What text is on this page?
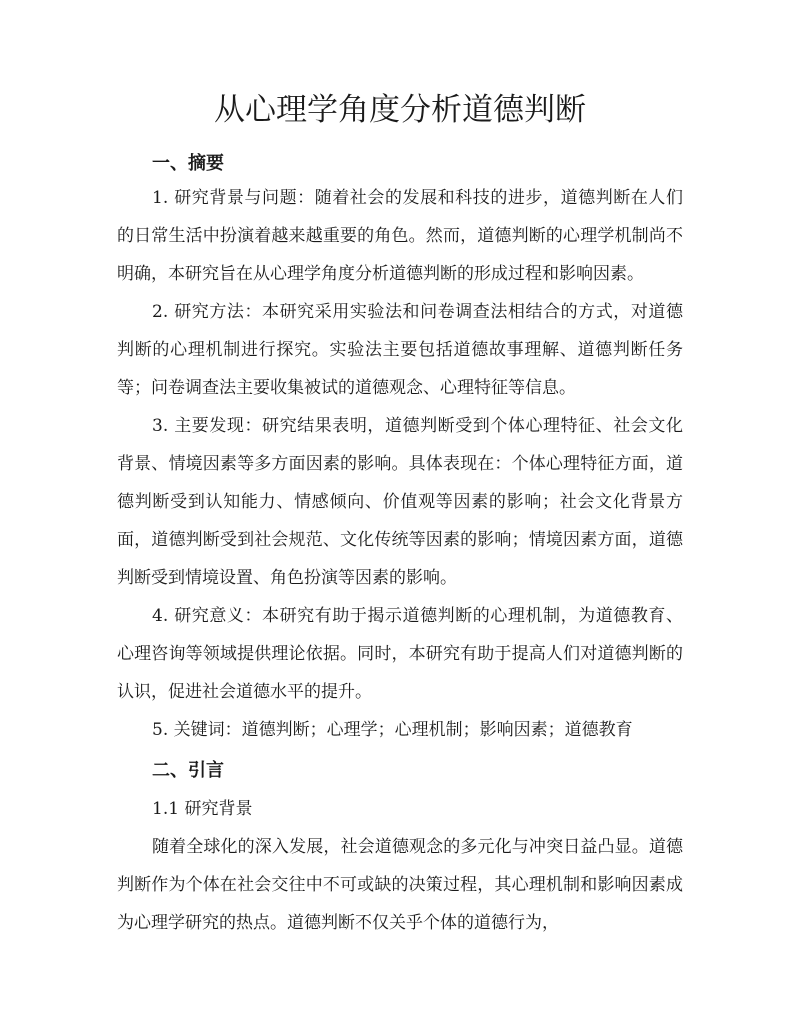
从心理学角度分析道德判断
一、摘要

1. 研究背景与问题：随着社会的发展和科技的进步，道德判断在人们的日常生活中扮演着越来越重要的角色。然而，道德判断的心理学机制尚不明确，本研究旨在从心理学角度分析道德判断的形成过程和影响因素。

2. 研究方法：本研究采用实验法和问卷调查法相结合的方式，对道德判断的心理机制进行探究。实验法主要包括道德故事理解、道德判断任务等；问卷调查法主要收集被试的道德观念、心理特征等信息。

3. 主要发现：研究结果表明，道德判断受到个体心理特征、社会文化背景、情境因素等多方面因素的影响。具体表现在：个体心理特征方面，道德判断受到认知能力、情感倾向、价值观等因素的影响；社会文化背景方面，道德判断受到社会规范、文化传统等因素的影响；情境因素方面，道德判断受到情境设置、角色扮演等因素的影响。

4. 研究意义：本研究有助于揭示道德判断的心理机制，为道德教育、心理咨询等领域提供理论依据。同时，本研究有助于提高人们对道德判断的认识，促进社会道德水平的提升。

5. 关键词：道德判断；心理学；心理机制；影响因素；道德教育

二、引言

1.1 研究背景

随着全球化的深入发展，社会道德观念的多元化与冲突日益凸显。道德判断作为个体在社会交往中不可或缺的决策过程，其心理机制和影响因素成为心理学研究的热点。道德判断不仅关乎个体的道德行为，
